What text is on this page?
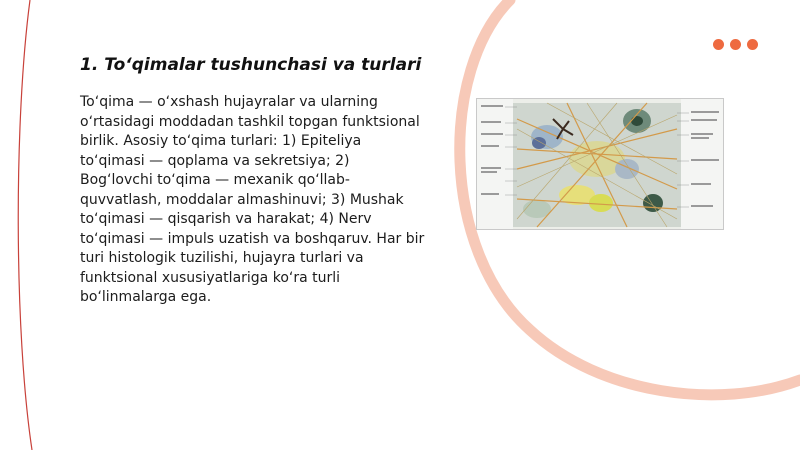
1. To‘qimalar tushunchasi va turlari

To‘qima — o‘xshash hujayralar va ularning o‘rtasidagi moddadan tashkil topgan funktsional birlik. Asosiy to‘qima turlari: 1) Epiteliya to‘qimasi — qoplama va sekretsiya; 2) Bog‘lovchi to‘qima — mexanik qo‘llab-quvvatlash, moddalar almashinuvi; 3) Mushak to‘qimasi — qisqarish va harakat; 4) Nerv to‘qimasi — impuls uzatish va boshqaruv. Har bir turi histologik tuzilishi, hujayra turlari va funktsional xususiyatlariga ko‘ra turli bo‘linmalarga ega.
